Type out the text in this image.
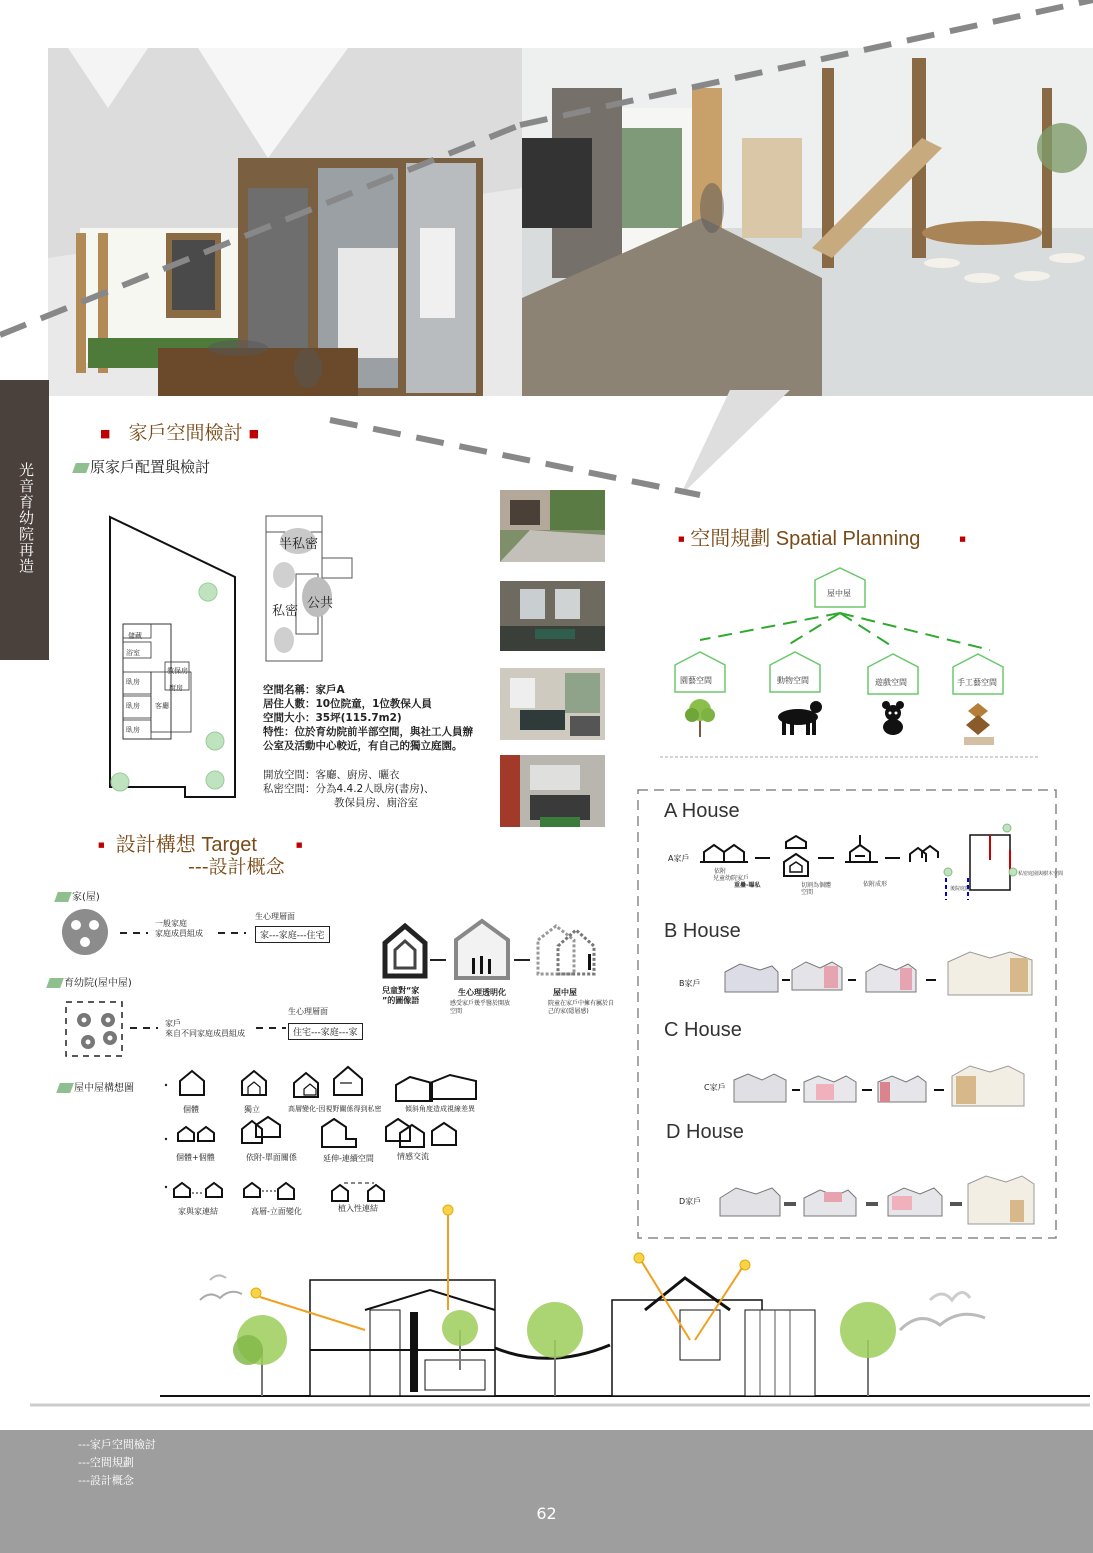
光音育幼院再造
■ 家戶空間檢討 ■
原家戶配置與檢討
儲藏
浴室
臥房
教保房
廚房
臥房 客廳
臥房
半私密
公共
私密
空間名稱：家戶A
居住人數：10位院童，1位教保人員
空間大小：35坪(115.7m2)
特性：位於育幼院前半部空間，與社工人員辦
公室及活動中心較近，有自己的獨立庭園。
開放空間：客廳、廚房、曬衣
私密空間：分為4.4.2人臥房(書房)、
教保員房、廁浴室
■ 空間規劃 Spatial Planning	■
屋中屋
園藝空間	動物空間	遊戲空間	手工藝空間
A House
B House
C House
D House
A家戶
B家戶
C家戶
D家戶
依附
兒童幼院家戶
重疊-曝私	切割為個體
空間
依附成形
後院庭院
私密庭園與樹木空間
■ 設計構想 Target	■
---設計概念
家(屋)
一般家庭
家庭成員組成
生心理層面
家---家庭---住宅
育幼院(屋中屋)
家戶
來自不同家庭成員組成
生心理層面
住宅---家庭---家
兒童對“家
”的圖像語
生心理透明化
感受家戶幾乎醫於開放
空間
屋中屋
院童在家戶中擁有屬於自
己的家(隱層感)
屋中屋構想圖
個體	獨立	高層變化-因視野關係得到私密	傾斜角度造成視線差異
個體+個體	依附-單面關係	延伸-連續空間	情感交流
家與家連結	高層-立面變化	植入性連結
---家戶空間檢討
---空間規劃
---設計概念
62
